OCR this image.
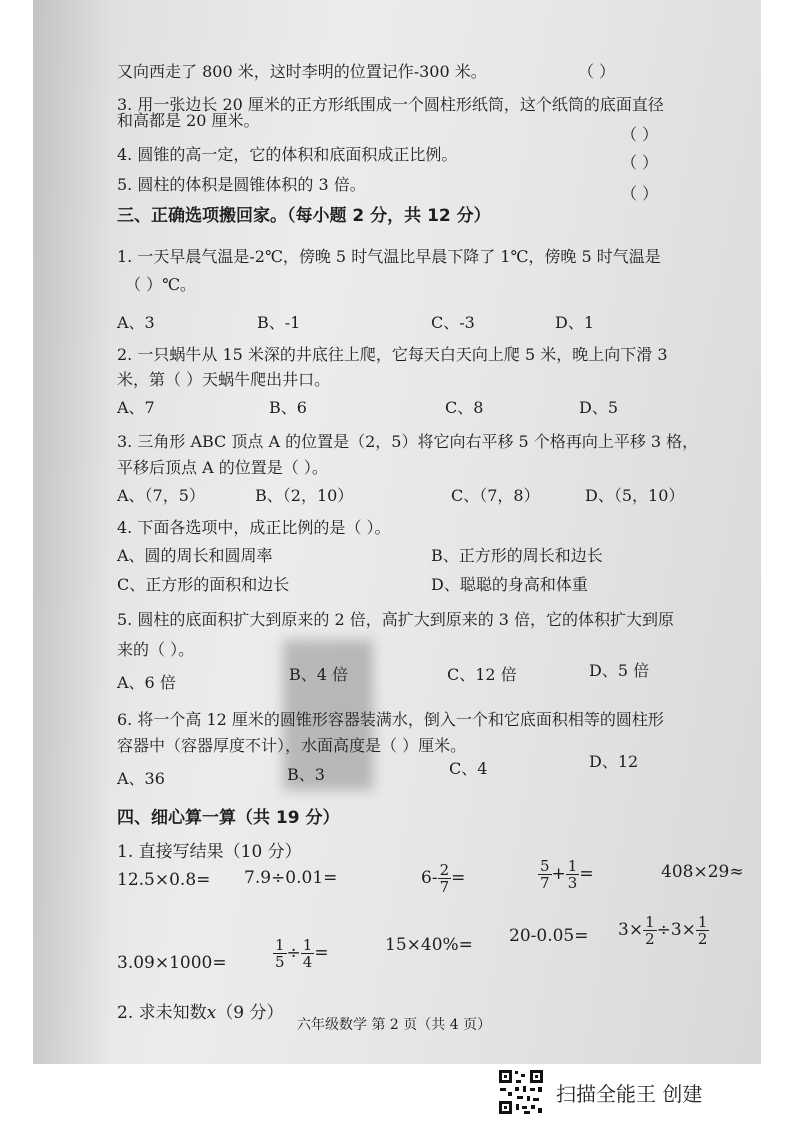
又向西走了 800 米，这时李明的位置记作-300 米。	（ ）
3. 用一张边长 20 厘米的正方形纸围成一个圆柱形纸筒，这个纸筒的底面直径
和高都是 20 厘米。
（ ）
4. 圆锥的高一定，它的体积和底面积成正比例。	（ ）
5. 圆柱的体积是圆锥体积的 3 倍。	（ ）
三、正确选项搬回家。（每小题 2 分，共 12 分）
1. 一天早晨气温是-2℃，傍晚 5 时气温比早晨下降了 1℃，傍晚 5 时气温是
（ ）℃。
A、3	B、-1	C、-3	D、1
2. 一只蜗牛从 15 米深的井底往上爬，它每天白天向上爬 5 米，晚上向下滑 3
米，第（ ）天蜗牛爬出井口。
A、7	B、6	C、8	D、5
3. 三角形 ABC 顶点 A 的位置是（2，5）将它向右平移 5 个格再向上平移 3 格，
平移后顶点 A 的位置是（ ）。
A、（7，5）	B、（2，10）	C、（7，8）	D、（5，10）
4. 下面各选项中，成正比例的是（ ）。
A、圆的周长和圆周率	B、正方形的周长和边长
C、正方形的面积和边长	D、聪聪的身高和体重
5. 圆柱的底面积扩大到原来的 2 倍，高扩大到原来的 3 倍，它的体积扩大到原
来的（ ）。
A、6 倍	B、4 倍	C、12 倍	D、5 倍
6. 将一个高 12 厘米的圆锥形容器装满水，倒入一个和它底面积相等的圆柱形
容器中（容器厚度不计），水面高度是（ ）厘米。
A、36	B、3	C、4	D、12
四、细心算一算（共 19 分）
1. 直接写结果（10 分）
12.5×0.8= 7.9÷0.01=	$6- \frac{2}{7}$ =	$\frac{5}{7} + \frac{1}{3}$ =	408×29≈
3.09×1000=	$\frac{1}{5} \div \frac{1}{4}$ =	$15\times 40\%= 20-0.05= 3\times \frac{1}{2} \div 3\times \frac{1}{2}$
2. 求未知数x（9 分）
六年级数学 第 2 页（共 4 页）
扫描全能王 创建
